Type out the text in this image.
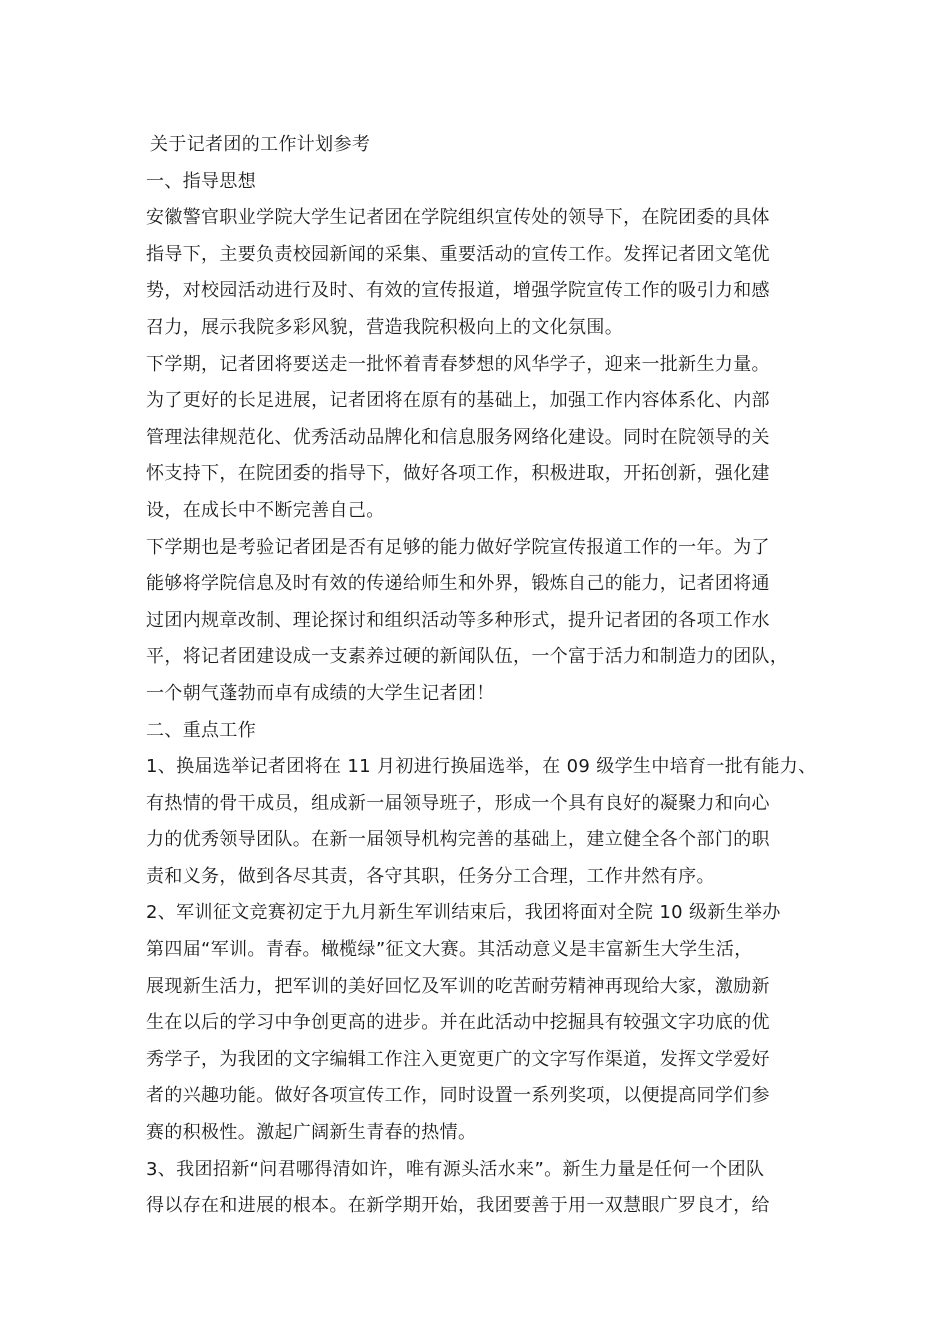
关于记者团的工作计划参考
一、指导思想
安徽警官职业学院大学生记者团在学院组织宣传处的领导下，在院团委的具体
指导下，主要负责校园新闻的采集、重要活动的宣传工作。发挥记者团文笔优
势，对校园活动进行及时、有效的宣传报道，增强学院宣传工作的吸引力和感
召力，展示我院多彩风貌，营造我院积极向上的文化氛围。
下学期，记者团将要送走一批怀着青春梦想的风华学子，迎来一批新生力量。
为了更好的长足进展，记者团将在原有的基础上，加强工作内容体系化、内部
管理法律规范化、优秀活动品牌化和信息服务网络化建设。同时在院领导的关
怀支持下，在院团委的指导下，做好各项工作，积极进取，开拓创新，强化建
设，在成长中不断完善自己。
下学期也是考验记者团是否有足够的能力做好学院宣传报道工作的一年。为了
能够将学院信息及时有效的传递给师生和外界，锻炼自己的能力，记者团将通
过团内规章改制、理论探讨和组织活动等多种形式，提升记者团的各项工作水
平，将记者团建设成一支素养过硬的新闻队伍，一个富于活力和制造力的团队，
一个朝气蓬勃而卓有成绩的大学生记者团！
二、重点工作
1、换届选举记者团将在 11 月初进行换届选举，在 09 级学生中培育一批有能力、
有热情的骨干成员，组成新一届领导班子，形成一个具有良好的凝聚力和向心
力的优秀领导团队。在新一届领导机构完善的基础上，建立健全各个部门的职
责和义务，做到各尽其责，各守其职，任务分工合理，工作井然有序。
2、军训征文竞赛初定于九月新生军训结束后，我团将面对全院 10 级新生举办
第四届“军训。青春。橄榄绿”征文大赛。其活动意义是丰富新生大学生活，
展现新生活力，把军训的美好回忆及军训的吃苦耐劳精神再现给大家，激励新
生在以后的学习中争创更高的进步。并在此活动中挖掘具有较强文字功底的优
秀学子，为我团的文字编辑工作注入更宽更广的文字写作渠道，发挥文学爱好
者的兴趣功能。做好各项宣传工作，同时设置一系列奖项，以便提高同学们参
赛的积极性。激起广阔新生青春的热情。
3、我团招新“问君哪得清如许，唯有源头活水来”。新生力量是任何一个团队
得以存在和进展的根本。在新学期开始，我团要善于用一双慧眼广罗良才，给
